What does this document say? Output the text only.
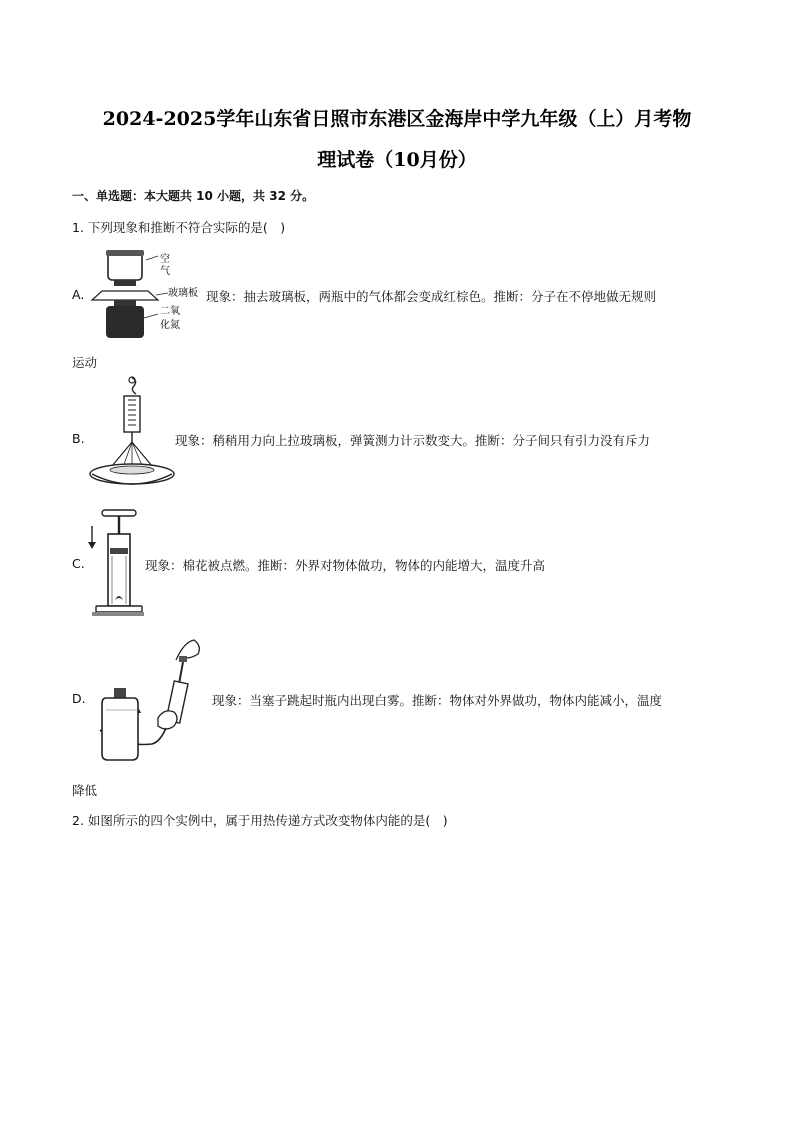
2024-2025学年山东省日照市东港区金海岸中学九年级（上）月考物
理试卷（10月份）
一、单选题：本大题共 10 小题，共 32 分。
1. 下列现象和推断不符合实际的是(　)
A.
空
气
玻璃板
二氧
化氮
现象：抽去玻璃板，两瓶中的气体都会变成红棕色。推断：分子在不停地做无规则
运动
B.	现象：稍稍用力向上拉玻璃板，弹簧测力计示数变大。推断：分子间只有引力没有斥力
C.	现象：棉花被点燃。推断：外界对物体做功，物体的内能增大，温度升高
D.	现象：当塞子跳起时瓶内出现白雾。推断：物体对外界做功，物体内能减小，温度
降低
2. 如图所示的四个实例中，属于用热传递方式改变物体内能的是(　)
